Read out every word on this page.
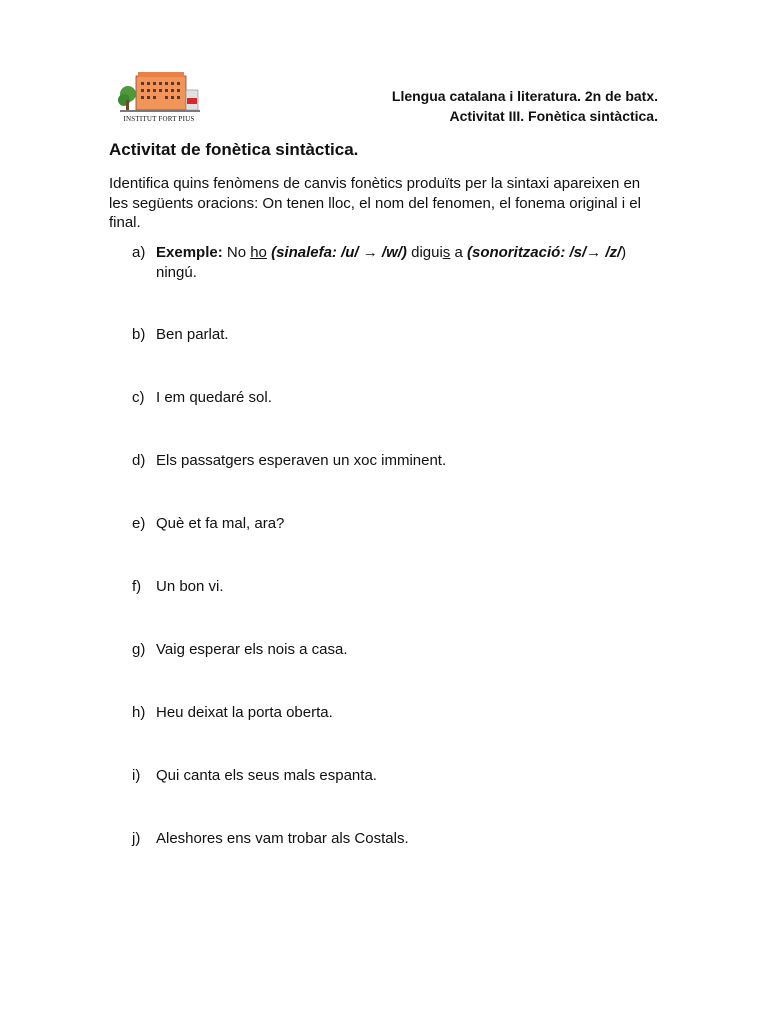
INSTITUT FORT PIUS
Llengua catalana i literatura. 2n de batx.
Activitat III. Fonètica sintàctica.
Activitat de fonètica sintàctica.
Identifica quins fenòmens de canvis fonètics produïts per la sintaxi apareixen en les següents oracions: On tenen lloc, el nom del fenomen, el fonema original i el final.
a) Exemple: No ho (sinalefa: /u/ → /w/) diguis a (sonorització: /s/→ /z/) ningú.
b) Ben parlat.
c) I em quedaré sol.
d) Els passatgers esperaven un xoc imminent.
e) Què et fa mal, ara?
f) Un bon vi.
g) Vaig esperar els nois a casa.
h) Heu deixat la porta oberta.
i) Qui canta els seus mals espanta.
j) Aleshores ens vam trobar als Costals.
